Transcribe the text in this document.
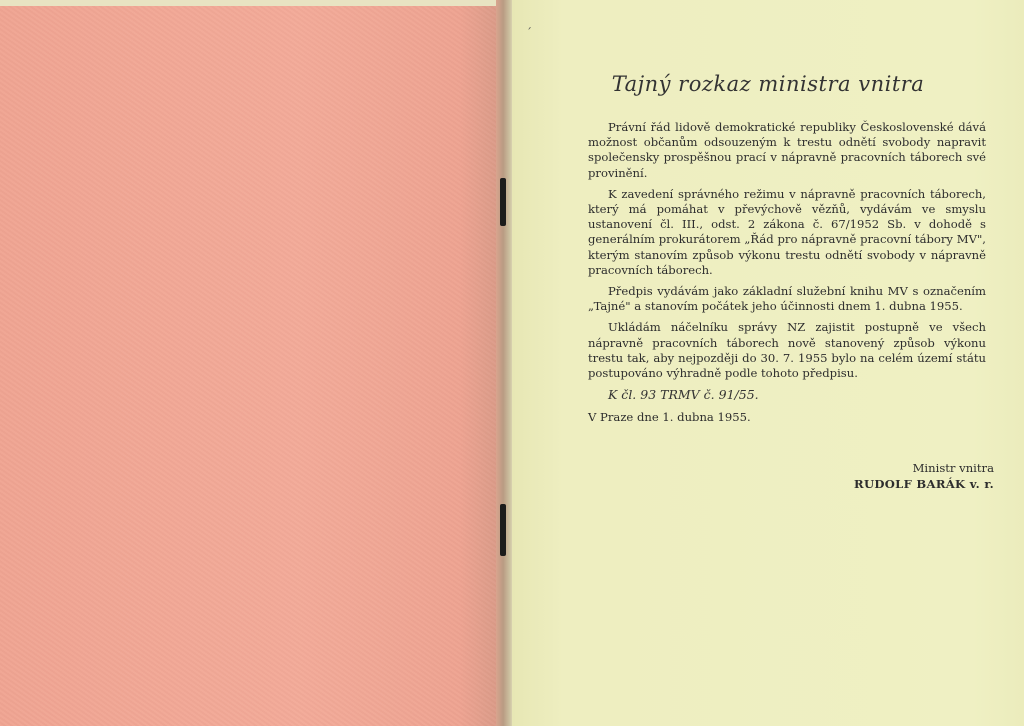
ˊ
Tajný rozkaz ministra vnitra

Právní řád lidově demokratické republiky Československé dává možnost občanům odsouzeným k trestu odnětí svobody napravit společensky prospěšnou prací v nápravně pracovních táborech své provinění.

K zavedení správného režimu v nápravně pracovních táborech, který má pomáhat v převýchově vězňů, vydávám ve smyslu ustanovení čl. III., odst. 2 zákona č. 67/1952 Sb. v dohodě s generálním prokurátorem „Řád pro nápravně pracovní tábory MV", kterým stanovím způsob výkonu trestu odnětí svobody v nápravně pracovních táborech.

Předpis vydávám jako základní služební knihu MV s označením „Tajné" a stanovím počátek jeho účinnosti dnem 1. dubna 1955.

Ukládám náčelníku správy NZ zajistit postupně ve všech nápravně pracovních táborech nově stanovený způsob výkonu trestu tak, aby nejpozději do 30. 7. 1955 bylo na celém území státu postupováno výhradně podle tohoto předpisu.

K čl. 93 TRMV č. 91/55.

V Praze dne 1. dubna 1955.

Ministr vnitra
RUDOLF BARÁK v. r.
